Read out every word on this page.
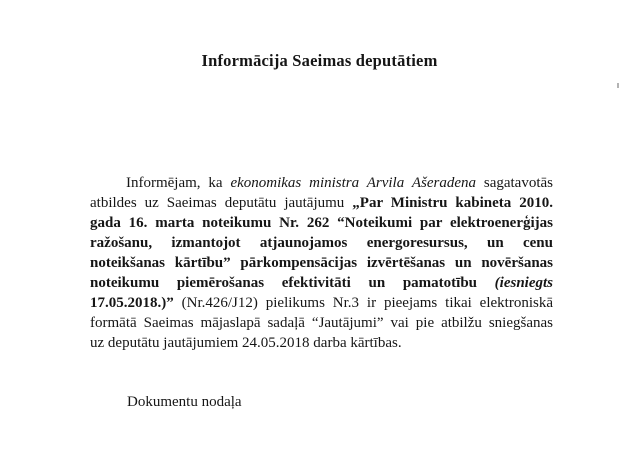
Informācija Saeimas deputātiem
Informējam, ka ekonomikas ministra Arvila Ašeradena sagatavotās
atbildes uz Saeimas deputātu jautājumu „Par Ministru kabineta 2010.
gada 16. marta noteikumu Nr. 262 “Noteikumi par elektroenerģijas
ražošanu, izmantojot atjaunojamos energoresursus, un cenu
noteikšanas kārtību” pārkompensācijas izvērtēšanas un novēršanas
noteikumu piemērošanas efektivitāti un pamatotību (iesniegts
17.05.2018.)” (Nr.426/J12) pielikums Nr.3 ir pieejams tikai elektroniskā
formātā Saeimas mājaslapā sadaļā “Jautājumi” vai pie atbilžu sniegšanas
uz deputātu jautājumiem 24.05.2018 darba kārtības.
Dokumentu nodaļa
